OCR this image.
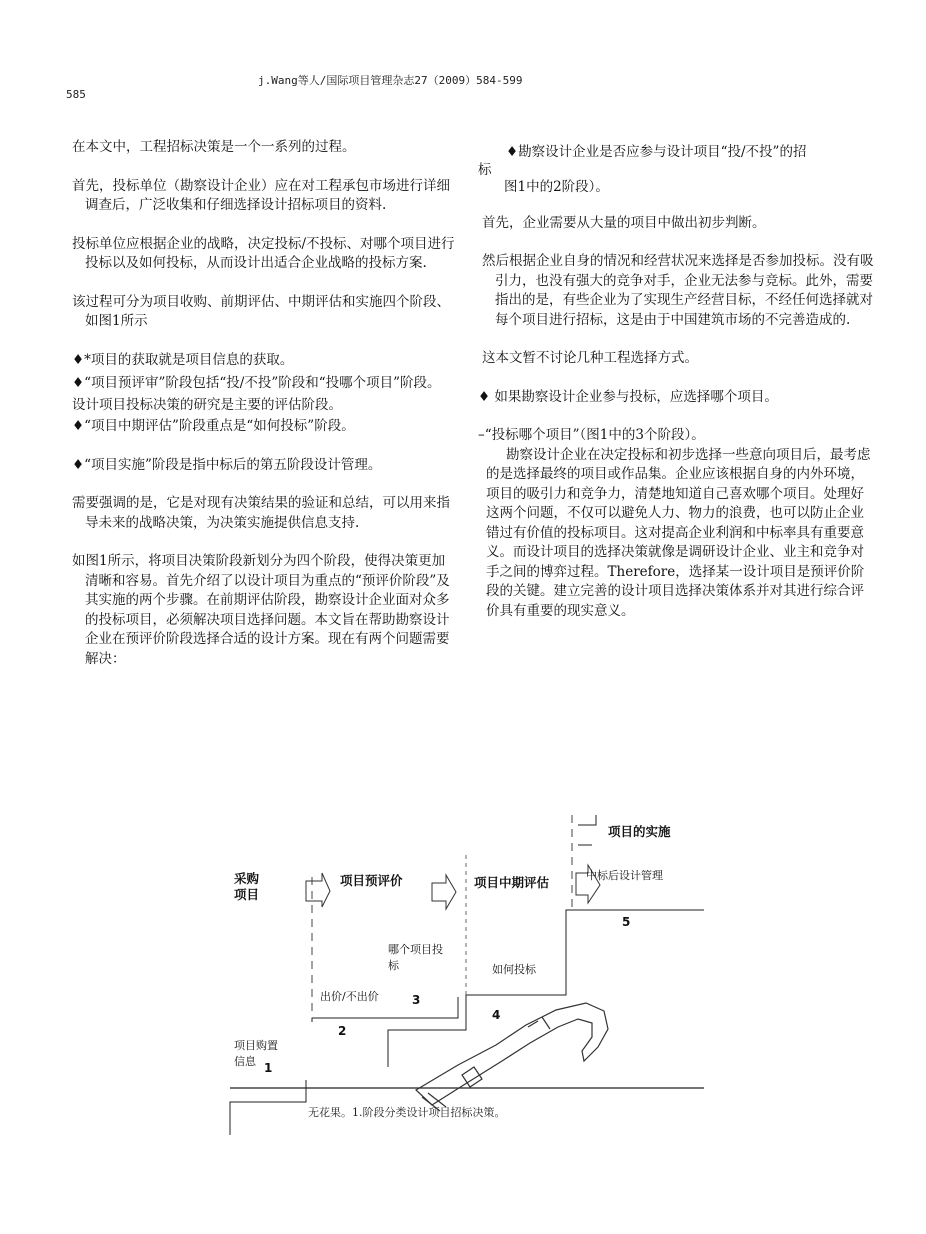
j.Wang等人/国际项目管理杂志27（2009）584-599
585

在本文中，工程招标决策是一个一系列的过程。

首先，投标单位（勘察设计企业）应在对工程承包市场进行详细调查后，广泛收集和仔细选择设计招标项目的资料.

投标单位应根据企业的战略，决定投标/不投标、对哪个项目进行投标以及如何投标，从而设计出适合企业战略的投标方案.

该过程可分为项目收购、前期评估、中期评估和实施四个阶段、如图1所示

♦*项目的获取就是项目信息的获取。

♦“项目预评审”阶段包括“投/不投”阶段和“投哪个项目”阶段。

设计项目投标决策的研究是主要的评估阶段。

♦“项目中期评估”阶段重点是“如何投标”阶段。

♦“项目实施”阶段是指中标后的第五阶段设计管理。

需要强调的是，它是对现有决策结果的验证和总结，可以用来指导未来的战略决策，为决策实施提供信息支持.

如图1所示，将项目决策阶段新划分为四个阶段，使得决策更加清晰和容易。首先介绍了以设计项目为重点的“预评价阶段”及其实施的两个步骤。在前期评估阶段，勘察设计企业面对众多的投标项目，必须解决项目选择问题。本文旨在帮助勘察设计企业在预评价阶段选择合适的设计方案。现在有两个问题需要解决：

♦勘察设计企业是否应参与设计项目“投/不投”的招
标
图1中的2阶段）。

首先，企业需要从大量的项目中做出初步判断。

然后根据企业自身的情况和经营状况来选择是否参加投标。没有吸引力，也没有强大的竞争对手，企业无法参与竞标。此外，需要指出的是，有些企业为了实现生产经营目标，不经任何选择就对每个项目进行招标，这是由于中国建筑市场的不完善造成的.

这本文暂不讨论几种工程选择方式。

♦ 如果勘察设计企业参与投标，应选择哪个项目。

–“投标哪个项目”（图1中的3个阶段）。

勘察设计企业在决定投标和初步选择一些意向项目后，最考虑的是选择最终的项目或作品集。企业应该根据自身的内外环境，项目的吸引力和竞争力，清楚地知道自己喜欢哪个项目。处理好这两个问题，不仅可以避免人力、物力的浪费，也可以防止企业错过有价值的投标项目。这对提高企业利润和中标率具有重要意义。而设计项目的选择决策就像是调研设计企业、业主和竞争对手之间的博弈过程。Therefore，选择某一设计项目是预评价阶段的关键。建立完善的设计项目选择决策体系并对其进行综合评价具有重要的现实意义。

采购
项目
项目预评价	项目中期评估
项目的实施
项目购置
信息
出价/不出价
哪个项目投
标	如何投标
中标后设计管理
1
2
3
4
5
无花果。1.阶段分类设计项目招标决策。
